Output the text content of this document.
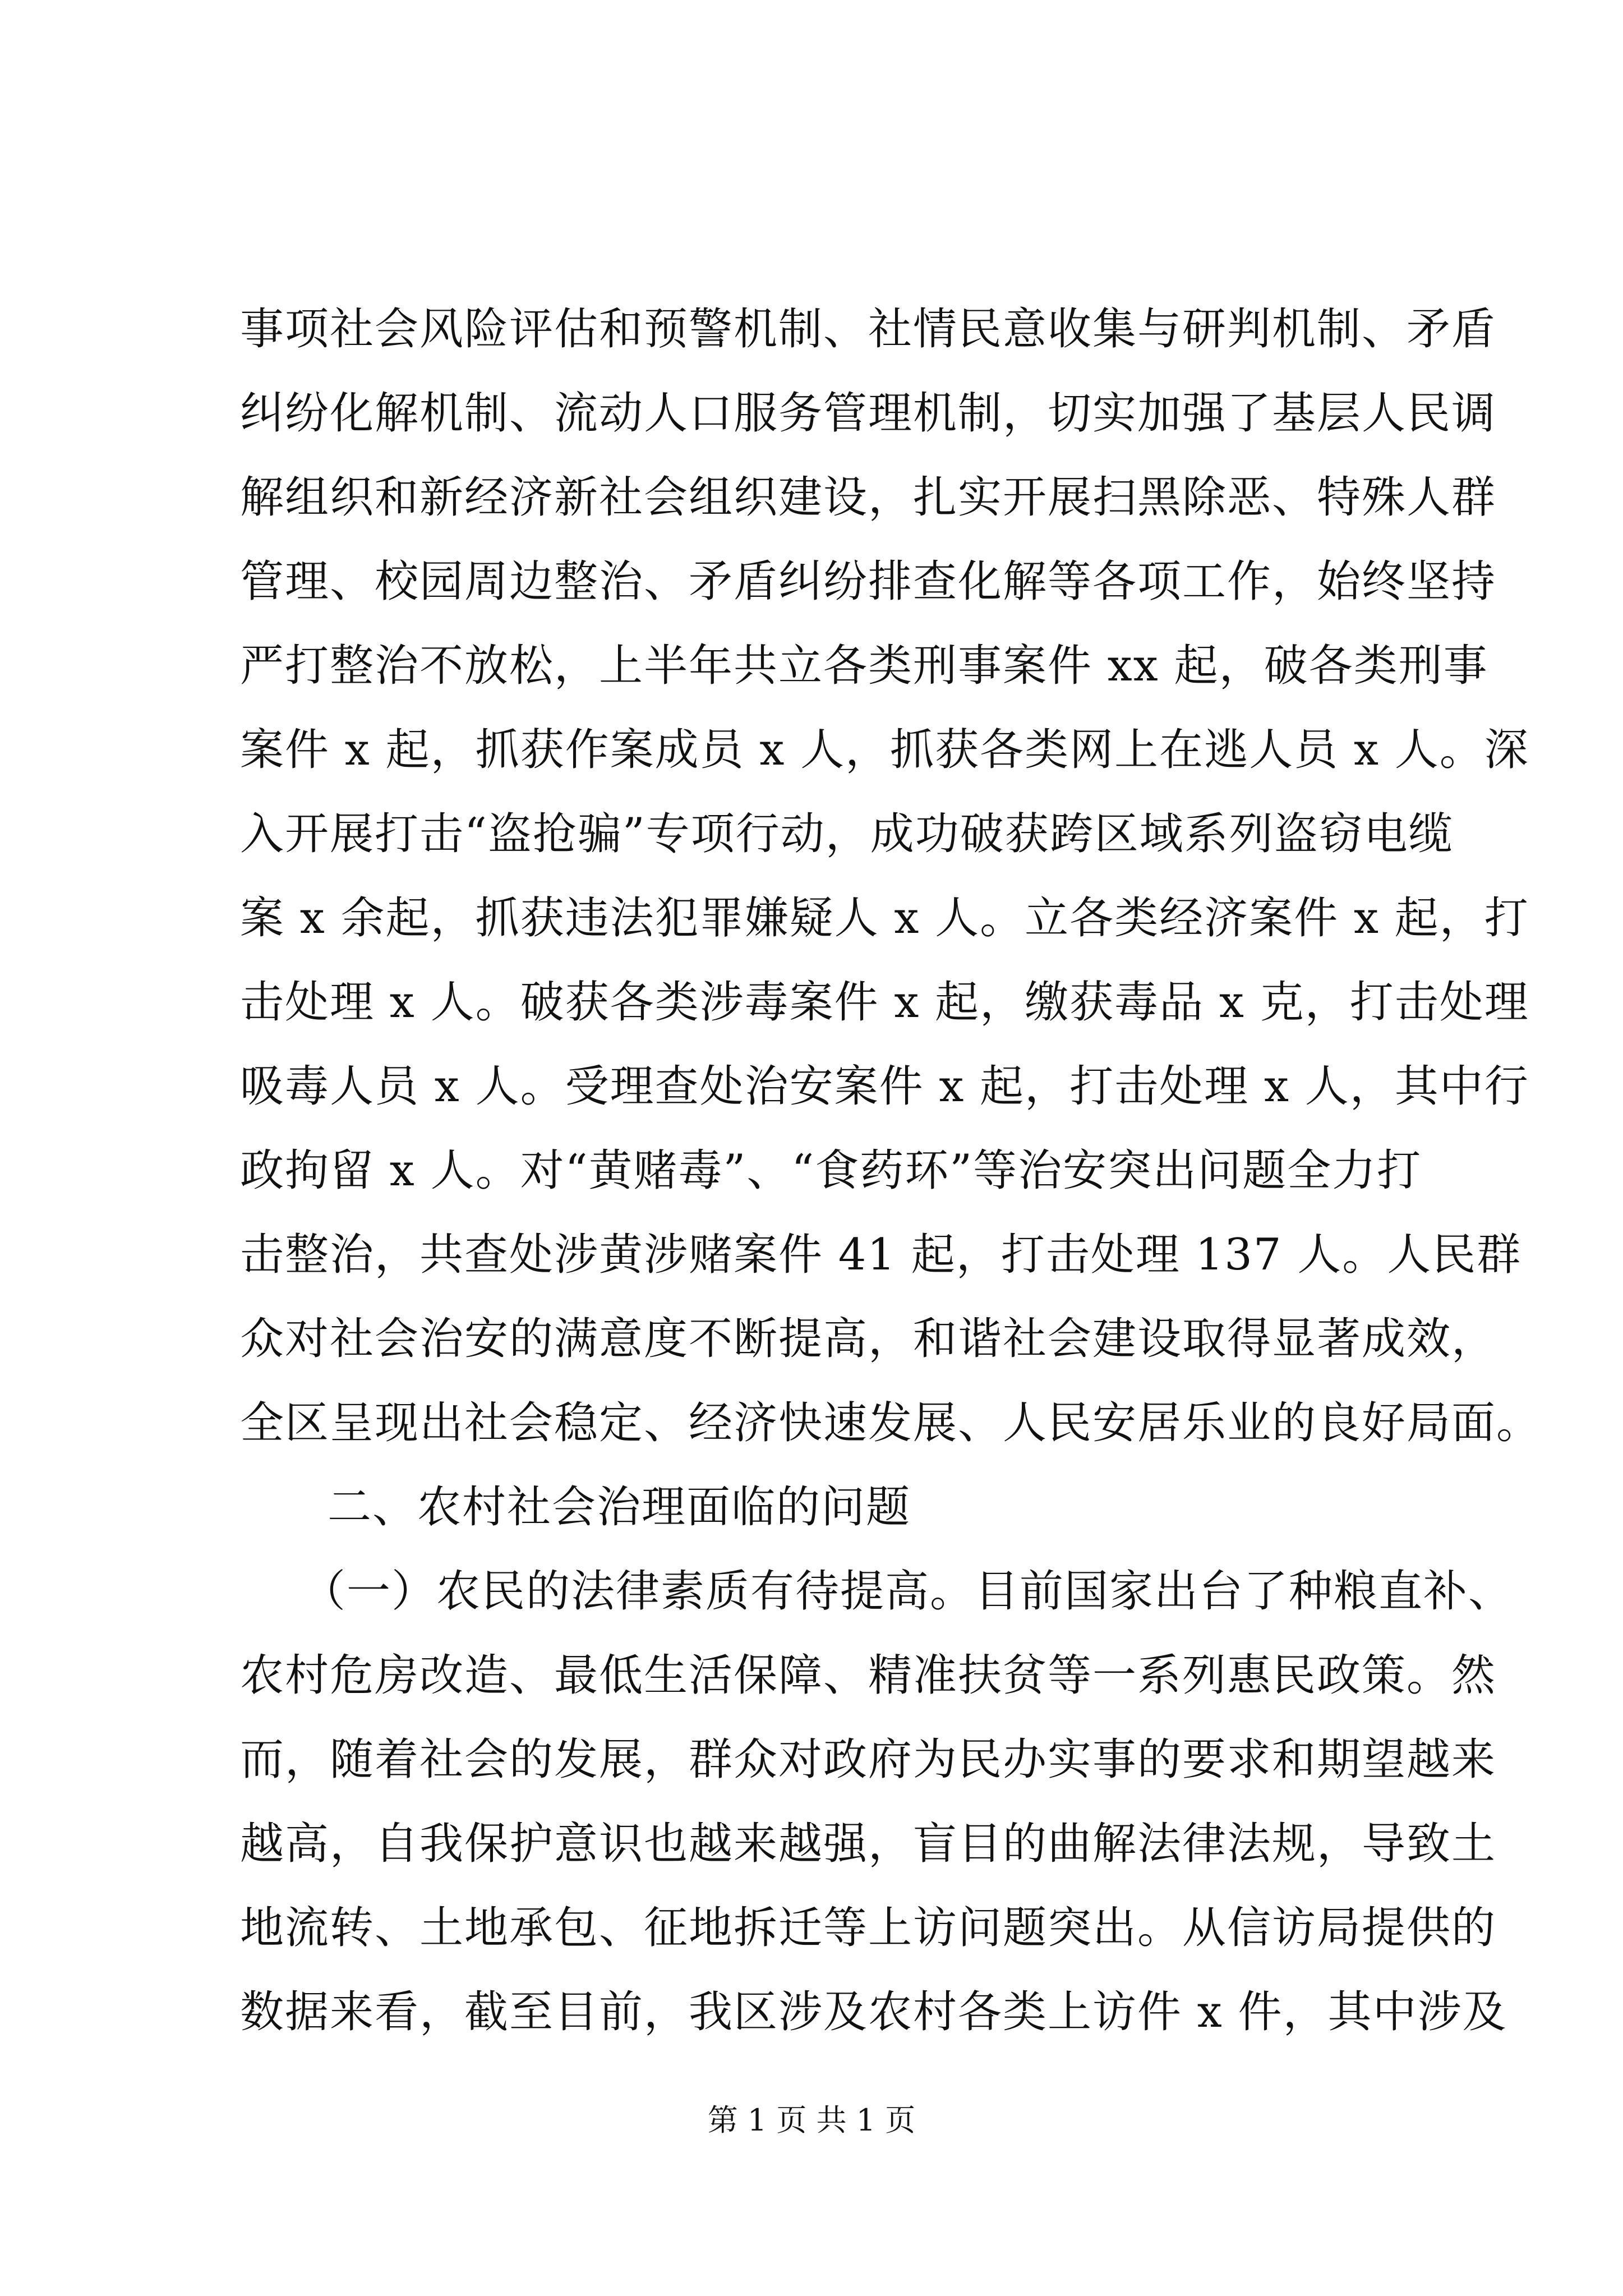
事项社会风险评估和预警机制、社情民意收集与研判机制、矛盾
纠纷化解机制、流动人口服务管理机制，切实加强了基层人民调
解组织和新经济新社会组织建设，扎实开展扫黑除恶、特殊人群
管理、校园周边整治、矛盾纠纷排查化解等各项工作，始终坚持
严打整治不放松，上半年共立各类刑事案件 xx 起，破各类刑事
案件 x 起，抓获作案成员 x 人，抓获各类网上在逃人员 x 人。深
入开展打击“盗抢骗”专项行动，成功破获跨区域系列盗窃电缆
案 x 余起，抓获违法犯罪嫌疑人 x 人。立各类经济案件 x 起，打
击处理 x 人。破获各类涉毒案件 x 起，缴获毒品 x 克，打击处理
吸毒人员 x 人。受理查处治安案件 x 起，打击处理 x 人，其中行
政拘留 x 人。对“黄赌毒”、“食药环”等治安突出问题全力打
击整治，共查处涉黄涉赌案件 41 起，打击处理 137 人。人民群
众对社会治安的满意度不断提高，和谐社会建设取得显著成效，
全区呈现出社会稳定、经济快速发展、人民安居乐业的良好局面。
二、农村社会治理面临的问题
（一）农民的法律素质有待提高。目前国家出台了种粮直补、
农村危房改造、最低生活保障、精准扶贫等一系列惠民政策。然
而，随着社会的发展，群众对政府为民办实事的要求和期望越来
越高，自我保护意识也越来越强，盲目的曲解法律法规，导致土
地流转、土地承包、征地拆迁等上访问题突出。从信访局提供的
数据来看，截至目前，我区涉及农村各类上访件 x 件，其中涉及
第 1 页 共 1 页
